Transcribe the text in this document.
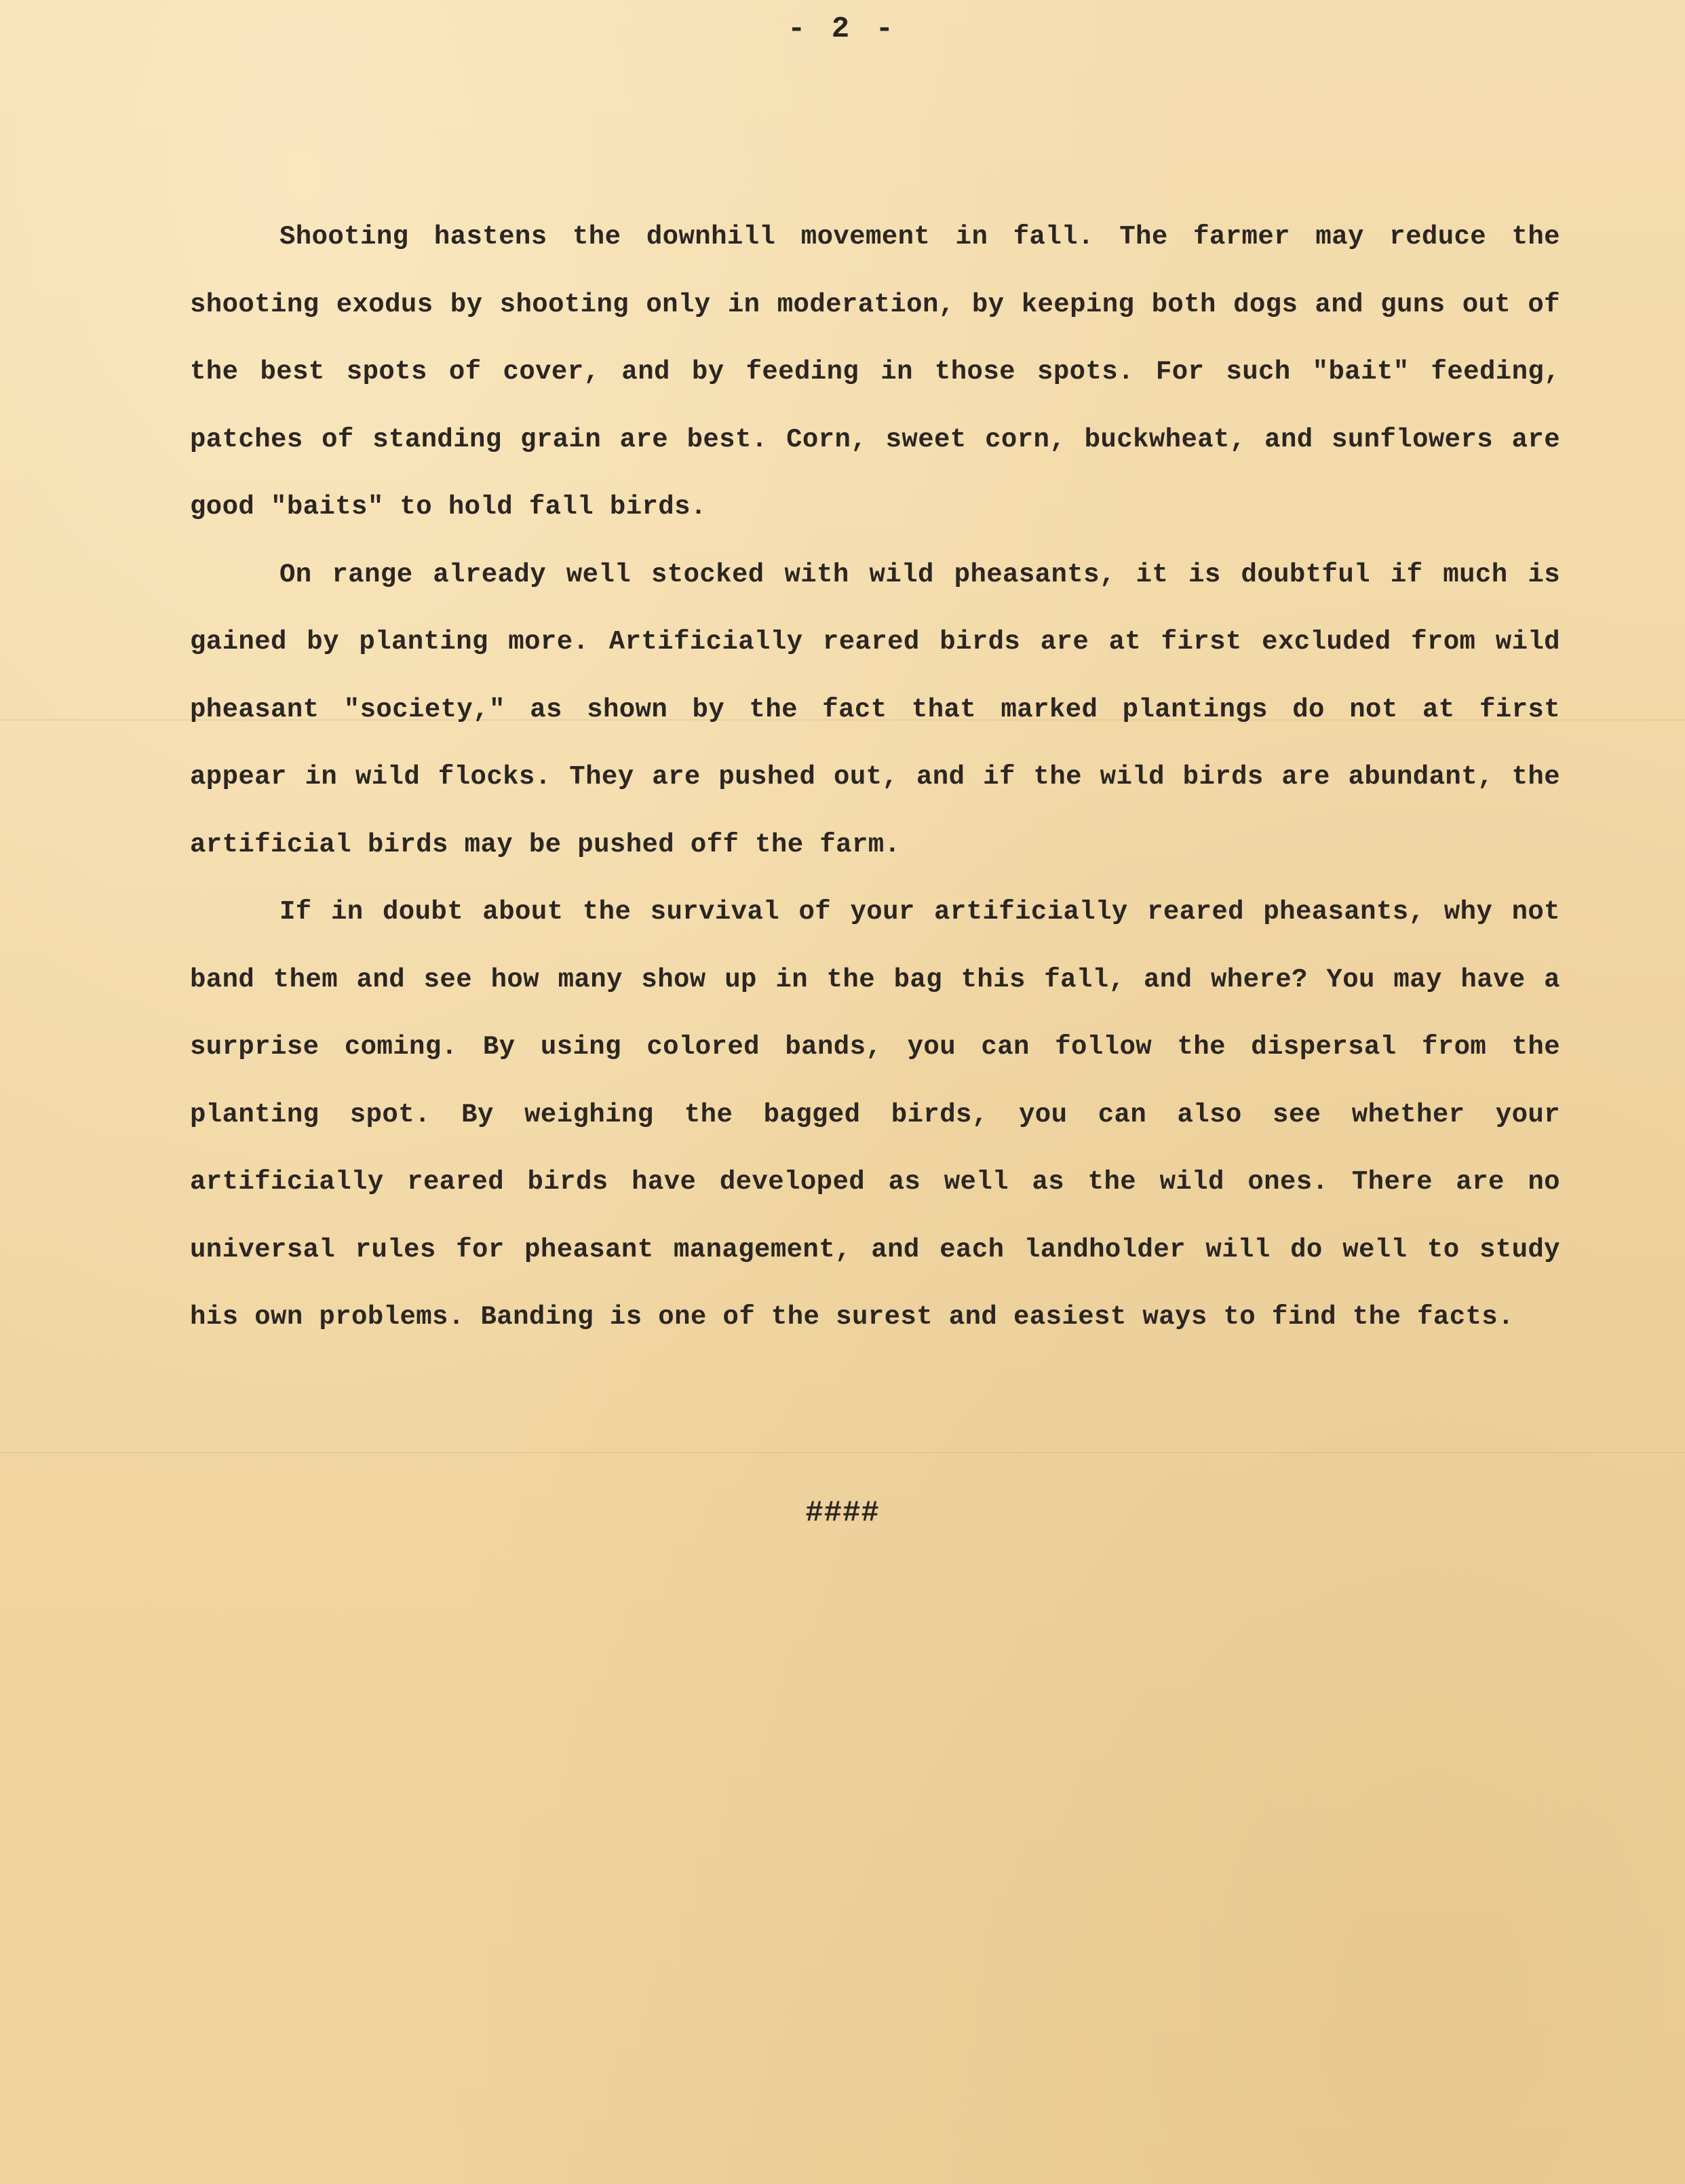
- 2 -

Shooting hastens the downhill movement in fall. The farmer may reduce the shooting exodus by shooting only in moderation, by keeping both dogs and guns out of the best spots of cover, and by feeding in those spots. For such "bait" feeding, patches of standing grain are best. Corn, sweet corn, buckwheat, and sunflowers are good "baits" to hold fall birds.

On range already well stocked with wild pheasants, it is doubtful if much is gained by planting more. Artificially reared birds are at first excluded from wild pheasant "society," as shown by the fact that marked plantings do not at first appear in wild flocks. They are pushed out, and if the wild birds are abundant, the artificial birds may be pushed off the farm.

If in doubt about the survival of your artificially reared pheasants, why not band them and see how many show up in the bag this fall, and where? You may have a surprise coming. By using colored bands, you can follow the dispersal from the planting spot. By weighing the bagged birds, you can also see whether your artificially reared birds have developed as well as the wild ones. There are no universal rules for pheasant management, and each landholder will do well to study his own problems. Banding is one of the surest and easiest ways to find the facts.

####
